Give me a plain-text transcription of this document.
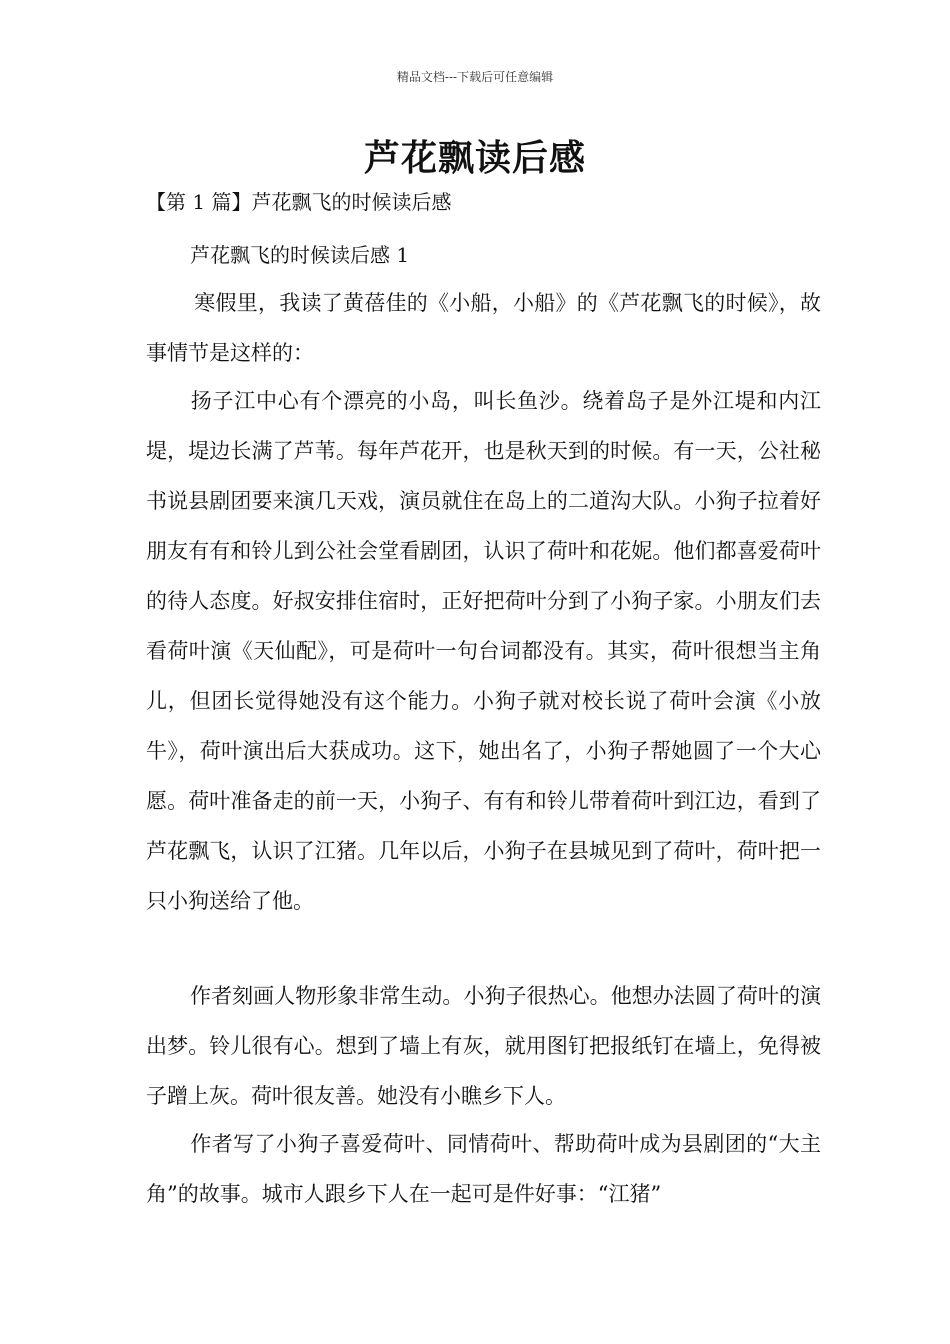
精品文档---下载后可任意编辑
芦花飘读后感
【第 1 篇】芦花飘飞的时候读后感
芦花飘飞的时候读后感 1

寒假里，我读了黄蓓佳的《小船，小船》的《芦花飘飞的时候》，故事情节是这样的：

扬子江中心有个漂亮的小岛，叫长鱼沙。绕着岛子是外江堤和内江堤，堤边长满了芦苇。每年芦花开，也是秋天到的时候。有一天，公社秘书说县剧团要来演几天戏，演员就住在岛上的二道沟大队。小狗子拉着好朋友有有和铃儿到公社会堂看剧团，认识了荷叶和花妮。他们都喜爱荷叶的待人态度。好叔安排住宿时，正好把荷叶分到了小狗子家。小朋友们去看荷叶演《天仙配》，可是荷叶一句台词都没有。其实，荷叶很想当主角儿，但团长觉得她没有这个能力。小狗子就对校长说了荷叶会演《小放牛》，荷叶演出后大获成功。这下，她出名了，小狗子帮她圆了一个大心愿。荷叶准备走的前一天，小狗子、有有和铃儿带着荷叶到江边，看到了芦花飘飞，认识了江猪。几年以后，小狗子在县城见到了荷叶，荷叶把一只小狗送给了他。

作者刻画人物形象非常生动。小狗子很热心。他想办法圆了荷叶的演出梦。铃儿很有心。想到了墙上有灰，就用图钉把报纸钉在墙上，免得被子蹭上灰。荷叶很友善。她没有小瞧乡下人。

作者写了小狗子喜爱荷叶、同情荷叶、帮助荷叶成为县剧团的“大主角”的故事。城市人跟乡下人在一起可是件好事：“江猪”
